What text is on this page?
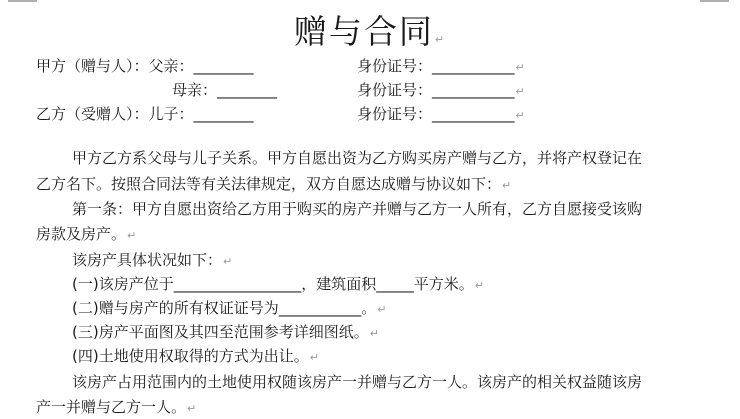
赠与合同↵
甲方（赠与人）：父亲：________	身份证号：___________↵
母亲：________	身份证号：___________↵
乙方（受赠人）：儿子：________	身份证号：___________↵
甲方乙方系父母与儿子关系。甲方自愿出资为乙方购买房产赠与乙方，并将产权登记在
乙方名下。按照合同法等有关法律规定，双方自愿达成赠与协议如下：↵
第一条：甲方自愿出资给乙方用于购买的房产并赠与乙方一人所有，乙方自愿接受该购
房款及房产。↵
该房产具体状况如下：↵
(一)该房产位于_________________，建筑面积_____平方米。↵
(二)赠与房产的所有权证证号为___________。↵
(三)房产平面图及其四至范围参考详细图纸。↵
(四)土地使用权取得的方式为出让。↵
该房产占用范围内的土地使用权随该房产一并赠与乙方一人。该房产的相关权益随该房
产一并赠与乙方一人。↵
